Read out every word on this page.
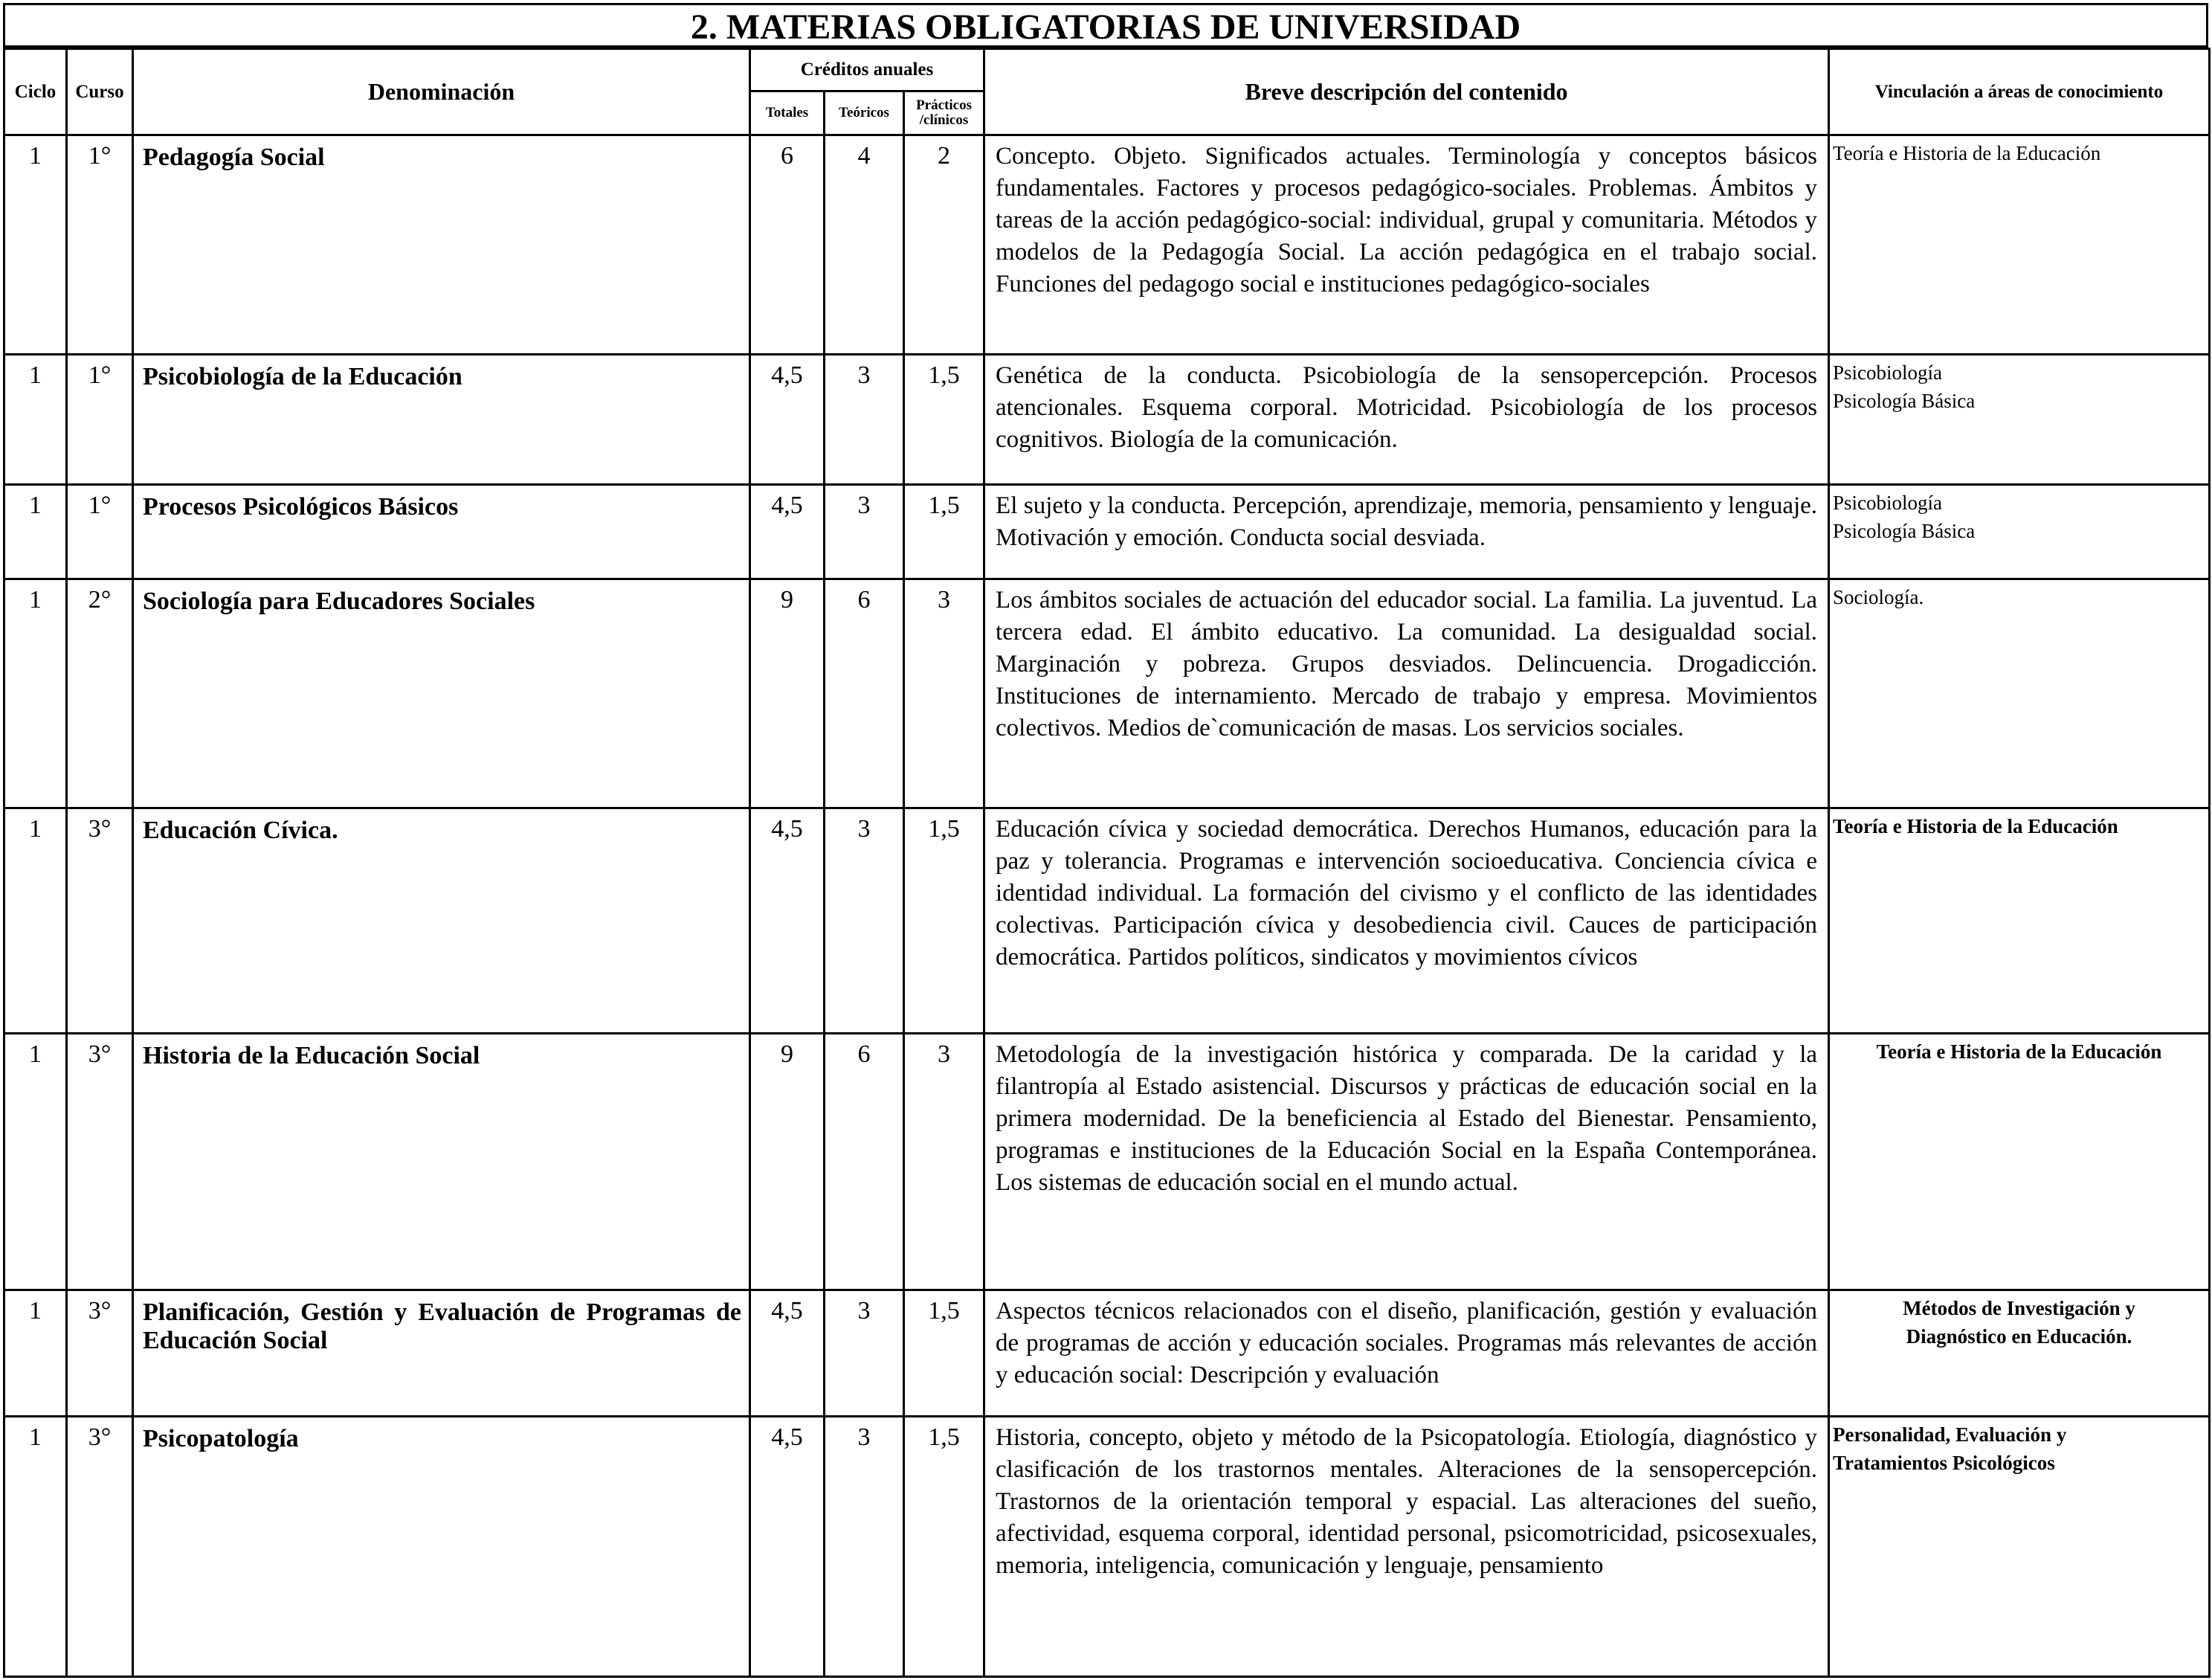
2. MATERIAS OBLIGATORIAS DE UNIVERSIDAD
Ciclo	Curso	Denominación	Créditos anuales			Breve descripción del contenido	Vinculación a áreas de conocimiento
			Totales	Teóricos	Prácticos /clínicos		
1	1°	Pedagogía Social	6	4	2	Concepto. Objeto. Significados actuales. Terminología y conceptos básicos fundamentales. Factores y procesos pedagógico-sociales. Problemas. Ámbitos y tareas de la acción pedagógico-social: individual, grupal y comunitaria. Métodos y modelos de la Pedagogía Social. La acción pedagógica en el trabajo social. Funciones del pedagogo social e instituciones pedagógico-sociales	Teoría e Historia de la Educación

1	1°	Psicobiología de la Educación	4,5	3	1,5	Genética de la conducta. Psicobiología de la sensopercepción. Procesos atencionales. Esquema corporal. Motricidad. Psicobiología de los procesos cognitivos. Biología de la comunicación.	Psicobiología
Psicología Básica

1	1°	Procesos Psicológicos Básicos	4,5	3	1,5	El sujeto y la conducta. Percepción, aprendizaje, memoria, pensamiento y lenguaje. Motivación y emoción. Conducta social desviada.	Psicobiología
Psicología Básica

1	2°	Sociología para Educadores Sociales	9	6	3	Los ámbitos sociales de actuación del educador social. La familia. La juventud. La tercera edad. El ámbito educativo. La comunidad. La desigualdad social. Marginación y pobreza. Grupos desviados. Delincuencia. Drogadicción. Instituciones de internamiento. Mercado de trabajo y empresa. Movimientos colectivos. Medios de`comunicación de masas. Los servicios sociales.	Sociología.

1	3°	Educación Cívica.	4,5	3	1,5	Educación cívica y sociedad democrática. Derechos Humanos, educación para la paz y tolerancia. Programas e intervención socioeducativa. Conciencia cívica e identidad individual. La formación del civismo y el conflicto de las identidades colectivas. Participación cívica y desobediencia civil. Cauces de participación democrática. Partidos políticos, sindicatos y movimientos cívicos	Teoría e Historia de la Educación

1	3°	Historia de la Educación Social	9	6	3	Metodología de la investigación histórica y comparada. De la caridad y la filantropía al Estado asistencial. Discursos y prácticas de educación social en la primera modernidad. De la beneficiencia al Estado del Bienestar. Pensamiento, programas e instituciones de la Educación Social en la España Contemporánea. Los sistemas de educación social en el mundo actual.	Teoría e Historia de la Educación

1	3°	Planificación, Gestión y Evaluación de Programas de Educación Social	4,5	3	1,5	Aspectos técnicos relacionados con el diseño, planificación, gestión y evaluación de programas de acción y educación sociales. Programas más relevantes de acción y educación social: Descripción y evaluación	Métodos de Investigación y
Diagnóstico en Educación.

1	3°	Psicopatología	4,5	3	1,5	Historia, concepto, objeto y método de la Psicopatología. Etiología, diagnóstico y clasificación de los trastornos mentales. Alteraciones de la sensopercepción. Trastornos de la orientación temporal y espacial. Las alteraciones del sueño, afectividad, esquema corporal, identidad personal, psicomotricidad, psicosexuales, memoria, inteligencia, comunicación y lenguaje, pensamiento	Personalidad, Evaluación y
Tratamientos Psicológicos
